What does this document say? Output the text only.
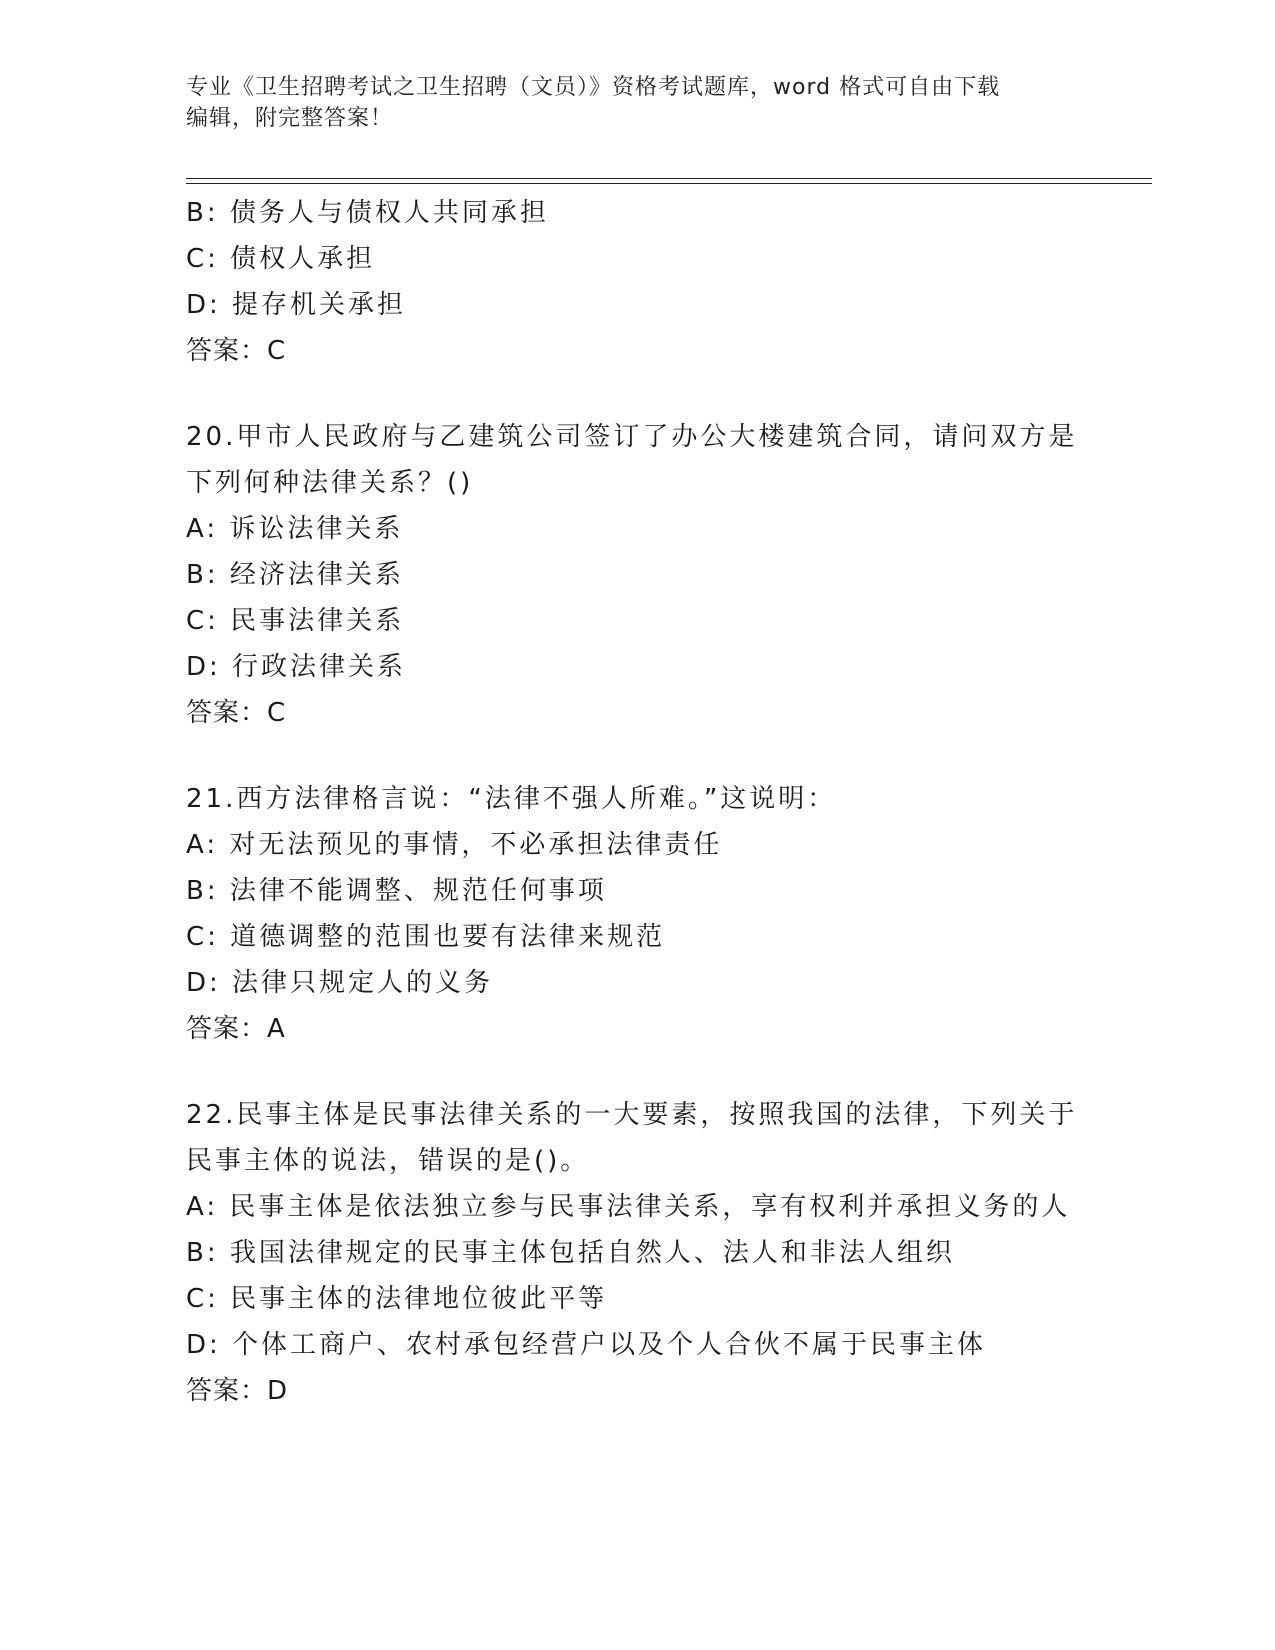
专业《卫生招聘考试之卫生招聘（文员）》资格考试题库，word 格式可自由下载
编辑，附完整答案！
B: 债务人与债权人共同承担
C: 债权人承担
D: 提存机关承担
答案：C
20.甲市人民政府与乙建筑公司签订了办公大楼建筑合同，请问双方是
下列何种法律关系？()
A: 诉讼法律关系
B: 经济法律关系
C: 民事法律关系
D: 行政法律关系
答案：C
21.西方法律格言说：“法律不强人所难。”这说明：
A: 对无法预见的事情，不必承担法律责任
B: 法律不能调整、规范任何事项
C: 道德调整的范围也要有法律来规范
D: 法律只规定人的义务
答案：A
22.民事主体是民事法律关系的一大要素，按照我国的法律，下列关于
民事主体的说法，错误的是()。
A: 民事主体是依法独立参与民事法律关系，享有权利并承担义务的人
B: 我国法律规定的民事主体包括自然人、法人和非法人组织
C: 民事主体的法律地位彼此平等
D: 个体工商户、农村承包经营户以及个人合伙不属于民事主体
答案：D
